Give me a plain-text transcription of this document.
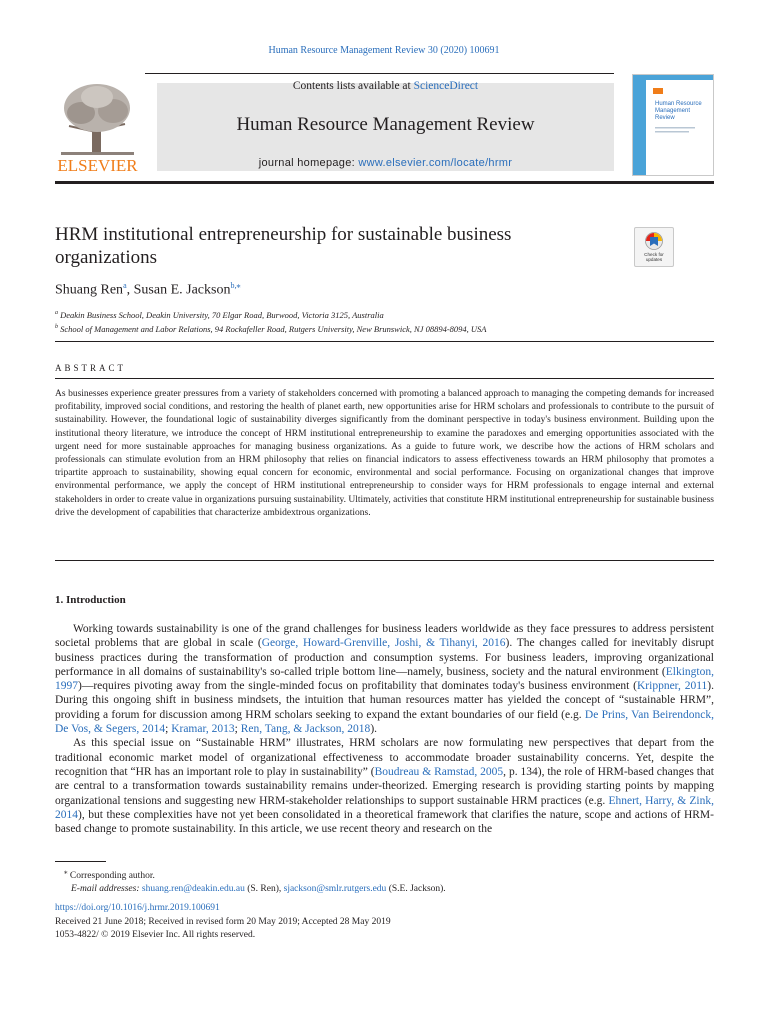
Human Resource Management Review 30 (2020) 100691
ELSEVIER
Contents lists available at ScienceDirect
Human Resource Management Review
journal homepage: www.elsevier.com/locate/hrmr
Human Resource
Management
Review
HRM institutional entrepreneurship for sustainable business organizations	Check for
updates
Shuang Ren$^a$, Susan E. Jackson$^{b,⁎}$
$^a$ Deakin Business School, Deakin University, 70 Elgar Road, Burwood, Victoria 3125, Australia
$^b$ School of Management and Labor Relations, 94 Rockafeller Road, Rutgers University, New Brunswick, NJ 08894-8094, USA
ABSTRACT
As businesses experience greater pressures from a variety of stakeholders concerned with promoting a balanced approach to managing the competing demands for increased profitability, improved social conditions, and restoring the health of planet earth, new opportunities arise for HRM scholars and professionals to contribute to the pursuit of sustainability. However, the foundational logic of sustainability diverges significantly from the dominant perspective in today's business environment. Building upon the institutional theory literature, we introduce the concept of HRM institutional entrepreneurship to examine the paradoxes and emerging opportunities associated with the urgent need for more sustainable approaches for managing business organizations. As a guide to future work, we describe how the actions of HRM scholars and professionals can stimulate evolution from an HRM philosophy that relies on financial indicators to assess effectiveness towards an HRM philosophy that promotes a tripartite approach to sustainability, showing equal concern for economic, environmental and social performance. Focusing on organizational changes that improve environmental performance, we apply the concept of HRM institutional entrepreneurship to consider ways for HRM professionals to engage internal and external stakeholders in order to create value in organizations pursuing sustainability. Ultimately, activities that constitute HRM institutional entrepreneurship for sustainable business drive the development of capabilities that characterize ambidextrous organizations.
1. Introduction

Working towards sustainability is one of the grand challenges for business leaders worldwide as they face pressures to address persistent societal problems that are global in scale (George, Howard-Grenville, Joshi, & Tihanyi, 2016). The changes called for inevitably disrupt business practices during the transformation of production and consumption systems. For business leaders, improving organizational performance in all domains of sustainability's so-called triple bottom line—namely, business, society and the natural environment (Elkington, 1997)—requires pivoting away from the single-minded focus on profitability that dominates today's business environment (Krippner, 2011). During this ongoing shift in business mindsets, the intuition that human resources matter has yielded the concept of “sustainable HRM”, providing a forum for discussion among HRM scholars seeking to expand the extant boundaries of our field (e.g. De Prins, Van Beirendonck, De Vos, & Segers, 2014; Kramar, 2013; Ren, Tang, & Jackson, 2018).

As this special issue on “Sustainable HRM” illustrates, HRM scholars are now formulating new perspectives that depart from the traditional economic market model of organizational effectiveness to accommodate broader sustainability concerns. Yet, despite the recognition that “HR has an important role to play in sustainability” (Boudreau & Ramstad, 2005, p. 134), the role of HRM-based changes that are central to a transformation towards sustainability remains under-theorized. Emerging research is providing starting points by mapping organizational tensions and suggesting new HRM-stakeholder relationships to support sustainable HRM practices (e.g. Ehnert, Harry, & Zink, 2014), but these complexities have not yet been consolidated in a theoretical framework that clarifies the nature, scope and actions of HRM-based change to promote sustainability. In this article, we use recent theory and research on the

⁎ Corresponding author.
E-mail addresses: shuang.ren@deakin.edu.au (S. Ren), sjackson@smlr.rutgers.edu (S.E. Jackson).
https://doi.org/10.1016/j.hrmr.2019.100691
Received 21 June 2018; Received in revised form 20 May 2019; Accepted 28 May 2019
1053-4822/ © 2019 Elsevier Inc. All rights reserved.
